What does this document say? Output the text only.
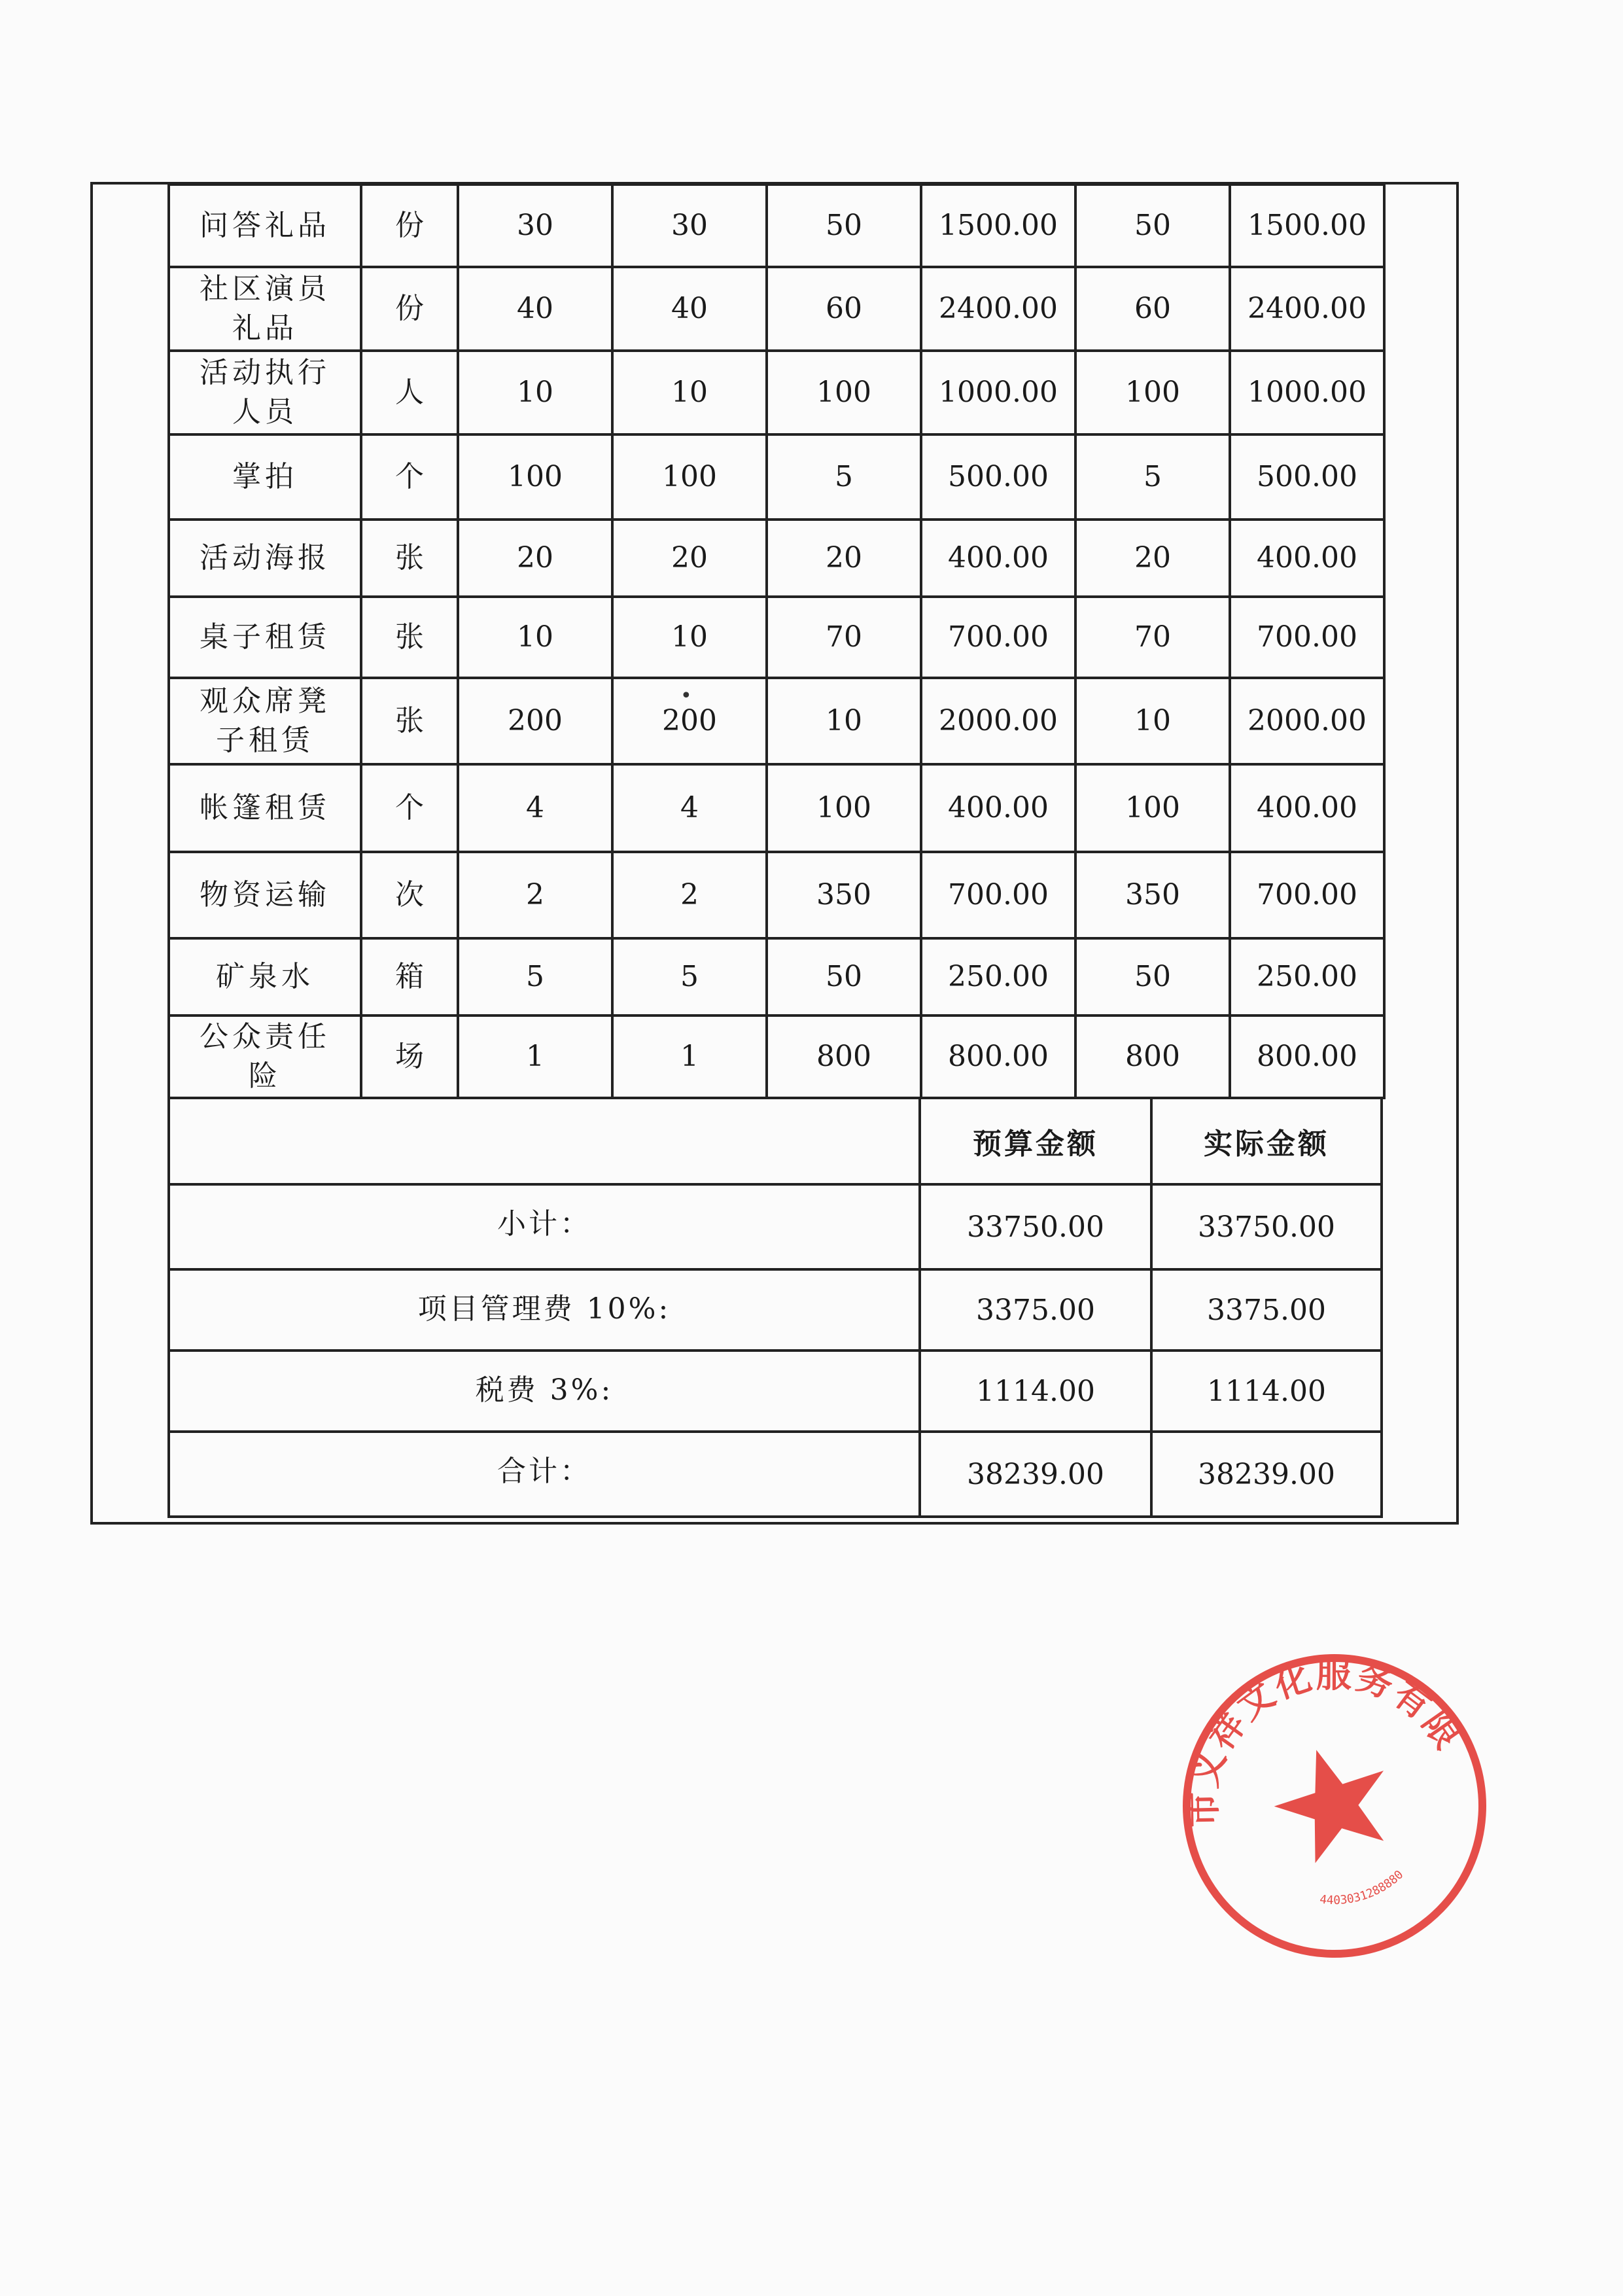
问答礼品	份	30	30	50	1500.00	50	1500.00

社区演员礼品	份	40	40	60	2400.00	60	2400.00

活动执行人员	人	10	10	100	1000.00	100	1000.00
掌拍	个	100	100	5	500.00	5	500.00
活动海报	张	20	20	20	400.00	20	400.00
桌子租赁	张	10	10	70	700.00	70	700.00

观众席凳子租赁	张	200	200	10	2000.00	10	2000.00
帐篷租赁	个	4	4	100	400.00	100	400.00
物资运输	次	2	2	350	700.00	350	700.00
矿泉水	箱	5	5	50	250.00	50	250.00

公众责任险	场	1	1	800	800.00	800	800.00
	预算金额	实际金额
小计：	33750.00	33750.00
项目管理费 10%:	3375.00	3375.00
税费 3%:	1114.00	1114.00
合计：	38239.00	38239.00
深圳市义祥文化服务有限公司
4403031288880
•
